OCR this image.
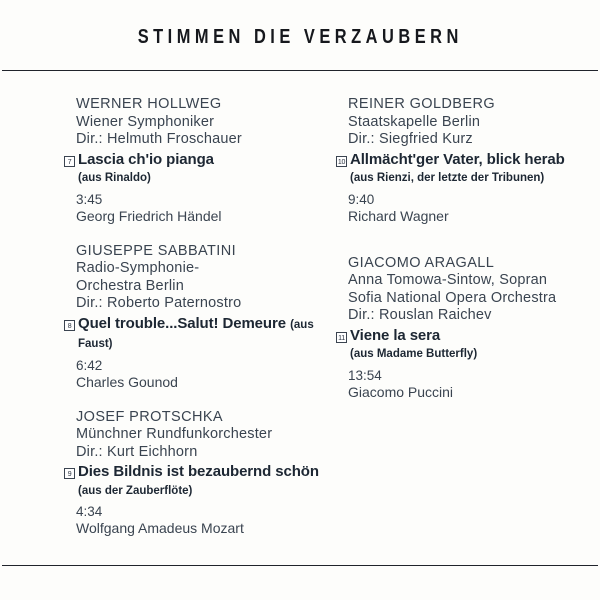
STIMMEN DIE VERZAUBERN
WERNER HOLLWEG
Wiener Symphoniker
Dir.: Helmuth Froschauer
7 Lascia ch'io pianga
(aus Rinaldo)
3:45
Georg Friedrich Händel
GIUSEPPE SABBATINI
Radio-Symphonie-
Orchestra Berlin
Dir.: Roberto Paternostro
8 Quel trouble...Salut! Demeure (aus Faust)
6:42
Charles Gounod
JOSEF PROTSCHKA
Münchner Rundfunkorchester
Dir.: Kurt Eichhorn
9 Dies Bildnis ist bezaubernd schön (aus der Zauberflöte)
4:34
Wolfgang Amadeus Mozart
REINER GOLDBERG
Staatskapelle Berlin
Dir.: Siegfried Kurz
10 Allmächt'ger Vater, blick herab (aus Rienzi, der letzte der Tribunen)
9:40
Richard Wagner
GIACOMO ARAGALL
Anna Tomowa-Sintow, Sopran
Sofia National Opera Orchestra
Dir.: Rouslan Raichev
11 Viene la sera
(aus Madame Butterfly)
13:54
Giacomo Puccini
